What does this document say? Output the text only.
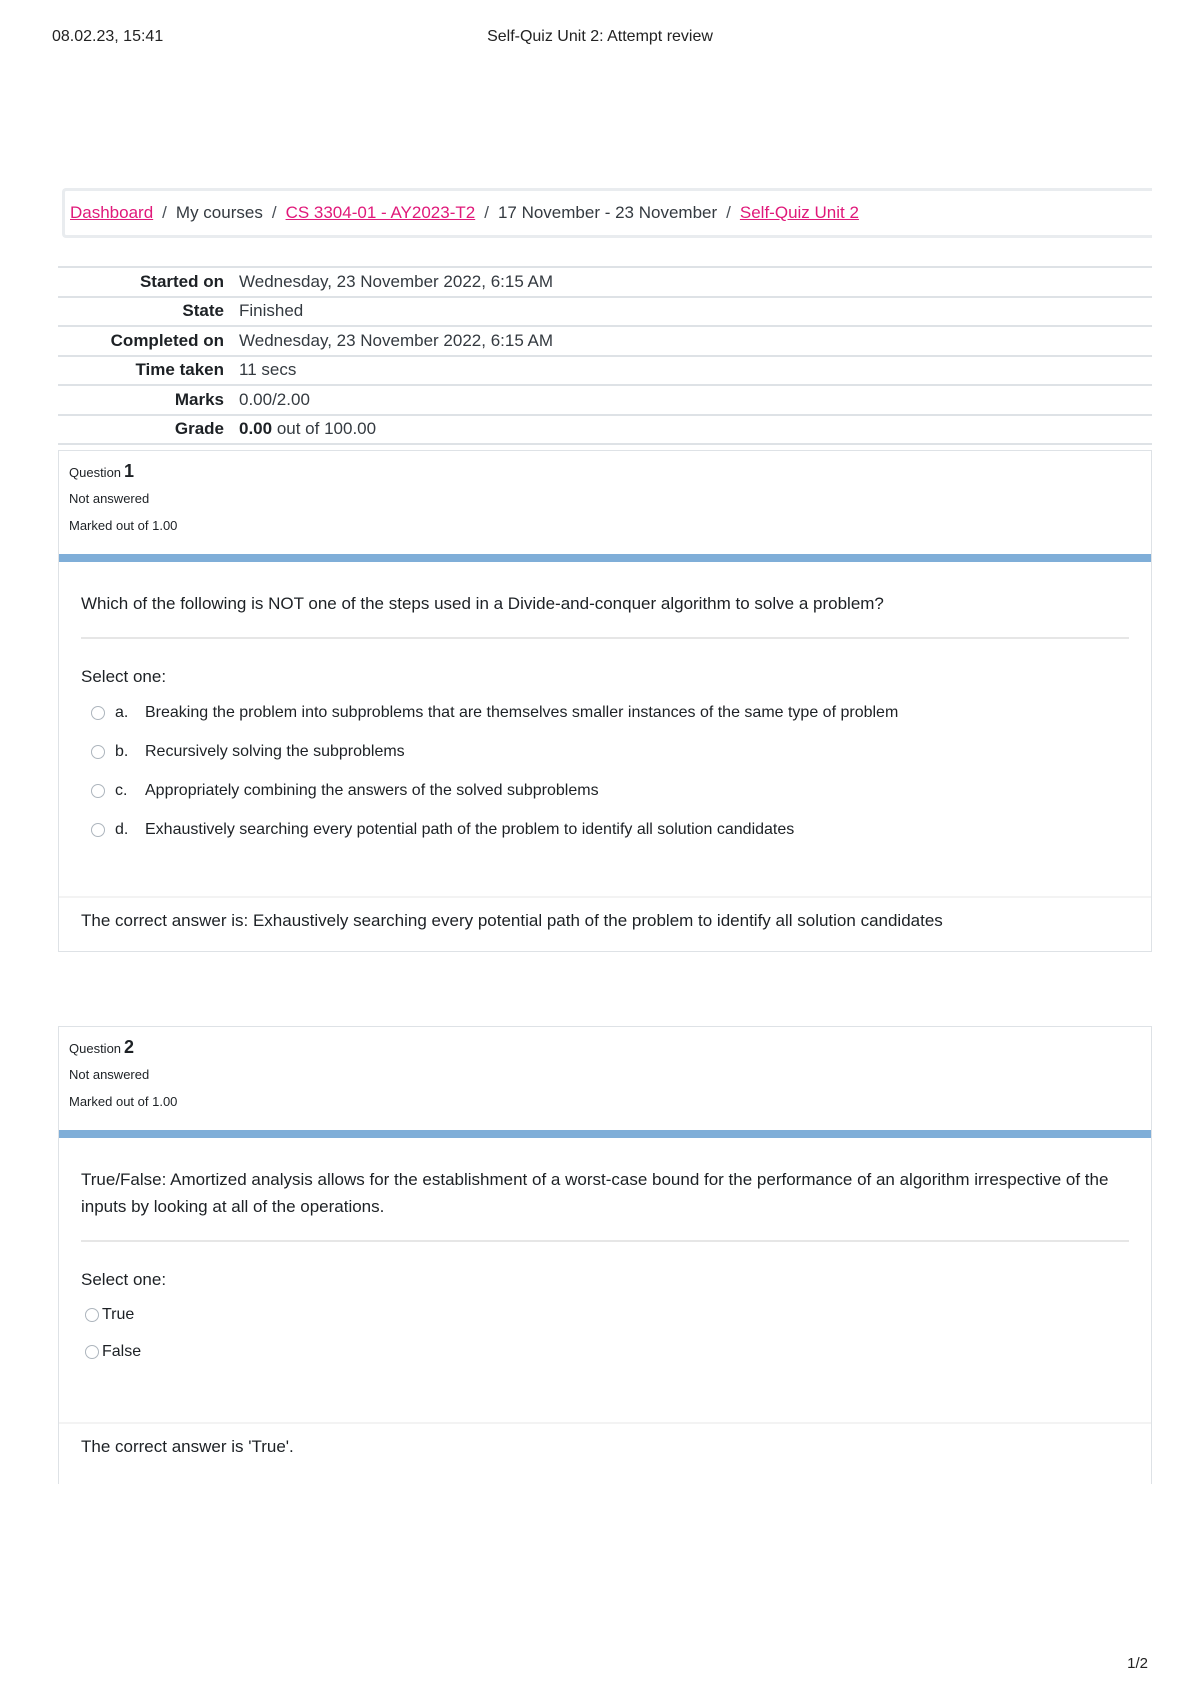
08.02.23, 15:41	Self-Quiz Unit 2: Attempt review
Dashboard / My courses / CS 3304-01 - AY2023-T2 / 17 November - 23 November / Self-Quiz Unit 2
Started on	Wednesday, 23 November 2022, 6:15 AM
State	Finished
Completed on	Wednesday, 23 November 2022, 6:15 AM
Time taken	11 secs
Marks	0.00/2.00
Grade	0.00 out of 100.00
Question 1
Not answered
Marked out of 1.00
Which of the following is NOT one of the steps used in a Divide-and-conquer algorithm to solve a problem?
Select one:
a.	Breaking the problem into subproblems that are themselves smaller instances of the same type of problem
b.	Recursively solving the subproblems
c.	Appropriately combining the answers of the solved subproblems
d.	Exhaustively searching every potential path of the problem to identify all solution candidates
The correct answer is: Exhaustively searching every potential path of the problem to identify all solution candidates
Question 2
Not answered
Marked out of 1.00
True/False: Amortized analysis allows for the establishment of a worst-case bound for the performance of an algorithm irrespective of the inputs by looking at all of the operations.
Select one:
True
False
The correct answer is 'True'.
1/2
